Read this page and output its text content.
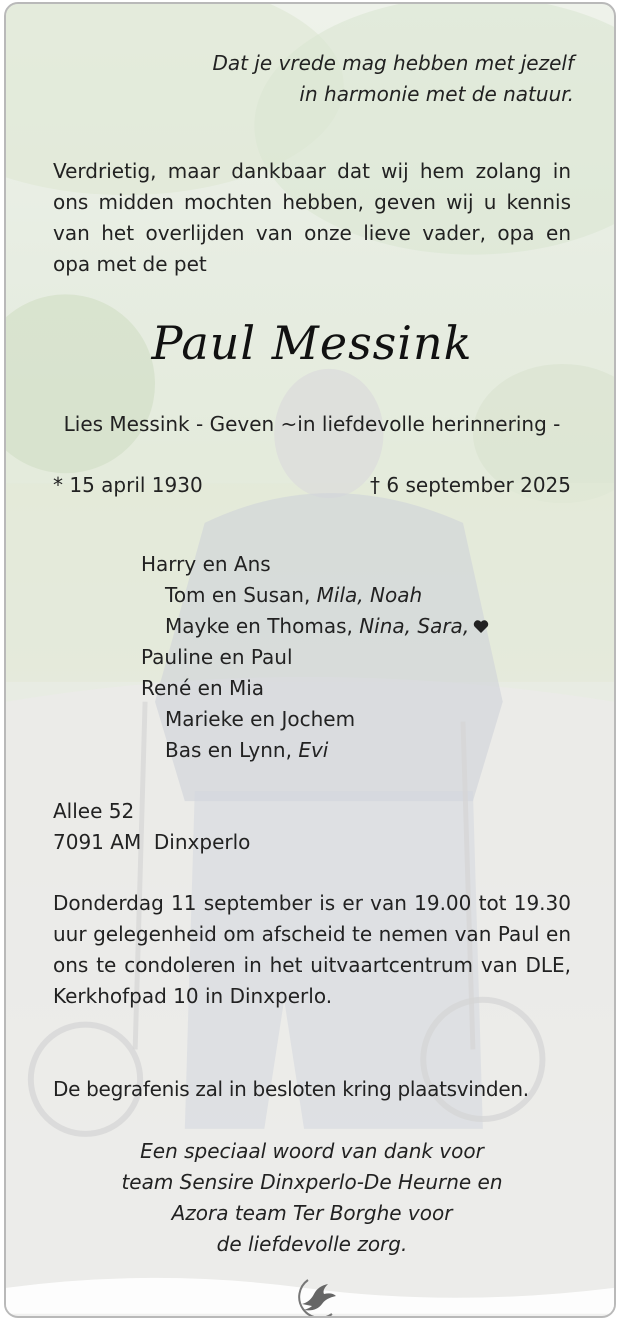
Dat je vrede mag hebben met jezelf
in harmonie met de natuur.
Verdrietig, maar dankbaar dat wij hem zolang in ons midden mochten hebben, geven wij u kennis van het overlijden van onze lieve vader, opa en opa met de pet
Paul Messink
Lies Messink - Geven ~in liefdevolle herinnering -
* 15 april 1930	† 6 september 2025
Harry en Ans
Tom en Susan, Mila, Noah
Mayke en Thomas, Nina, Sara,
Pauline en Paul
René en Mia
Marieke en Jochem
Bas en Lynn, Evi
Allee 52
7091 AM  Dinxperlo
Donderdag 11 september is er van 19.00 tot 19.30 uur gelegenheid om afscheid te nemen van Paul en ons te condoleren in het uitvaartcentrum van DLE, Kerkhofpad 10 in Dinxperlo.
De begrafenis zal in besloten kring plaatsvinden.
Een speciaal woord van dank voor
team Sensire Dinxperlo-De Heurne en
Azora team Ter Borghe voor
de liefdevolle zorg.
